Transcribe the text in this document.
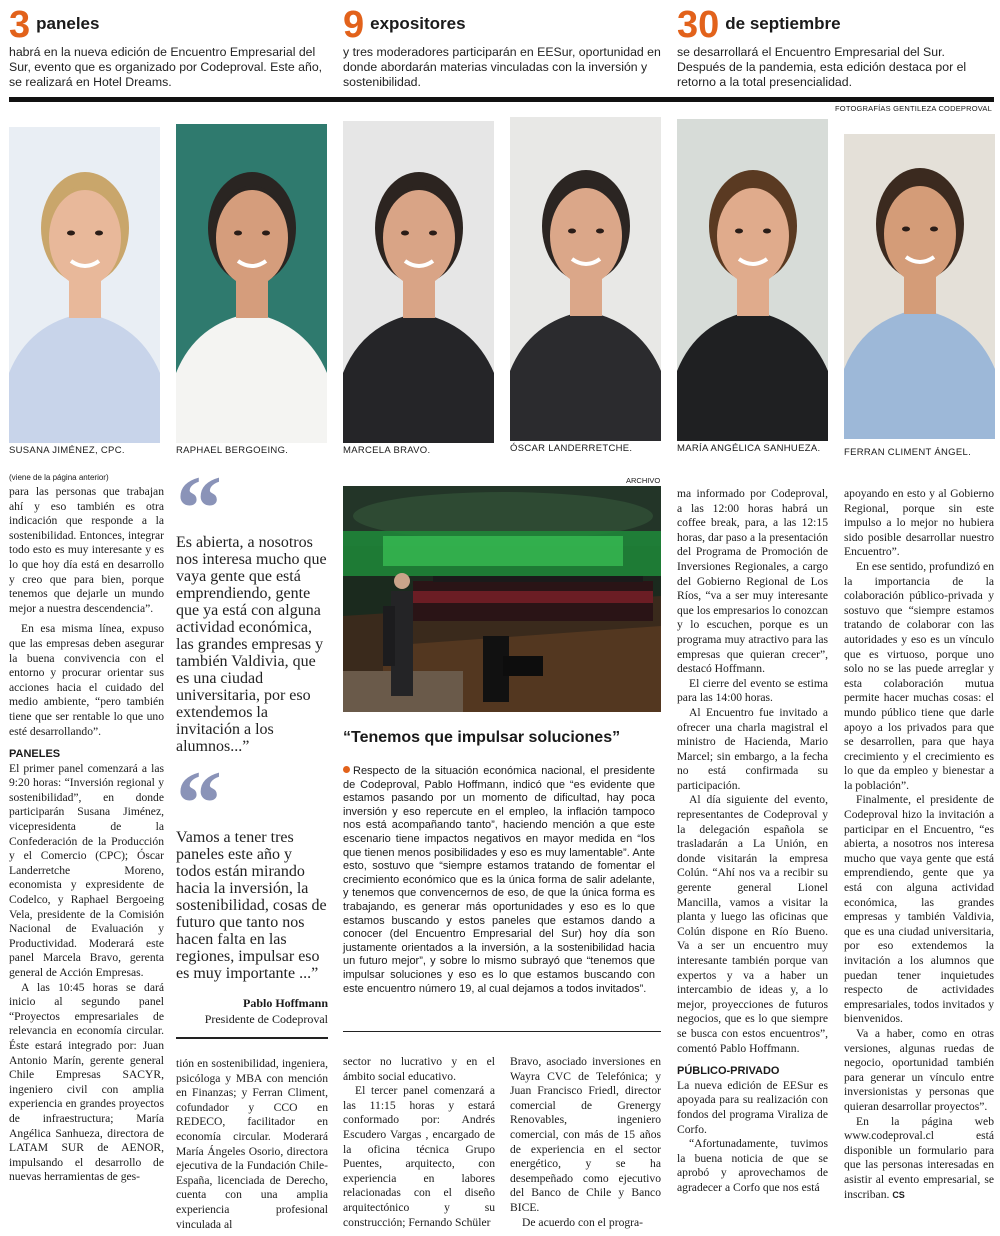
3 paneles
habrá en la nueva edición de Encuentro Empresarial del Sur, evento que es organizado por Codeproval. Este año, se realizará en Hotel Dreams.
9 expositores
y tres moderadores participarán en EESur, oportunidad en donde abordarán materias vinculadas con la inversión y sostenibilidad.
30 de septiembre
se desarrollará el Encuentro Empresarial del Sur. Después de la pandemia, esta edición destaca por el retorno a la total presencialidad.
FOTOGRAFÍAS GENTILEZA CODEPROVAL
SUSANA JIMÉNEZ, CPC.	RAPHAEL BERGOEING.	MARCELA BRAVO.	ÓSCAR LANDERRETCHE.	MARÍA ANGÉLICA SANHUEZA. FERRAN CLIMENT ÁNGEL.
(viene de la página anterior)

para las personas que trabajan ahí y eso también es otra indicación que responde a la sostenibilidad. Entonces, integrar todo esto es muy interesante y es lo que hoy día está en desarrollo y creo que para bien, porque tenemos que dejarle un mundo mejor a nuestra descendencia”.

En esa misma línea, expuso que las empresas deben asegurar la buena convivencia con el entorno y procurar orientar sus acciones hacia el cuidado del medio ambiente, “pero también tiene que ser rentable lo que uno esté desarrollando”.

PANELES

El primer panel comenzará a las 9:20 horas: “Inversión regional y sostenibilidad”, en donde participarán Susana Jiménez, vicepresidenta de la Confederación de la Producción y el Comercio (CPC); Óscar Landerretche Moreno, economista y expresidente de Codelco, y Raphael Bergoeing Vela, presidente de la Comisión Nacional de Evaluación y Productividad. Moderará este panel Marcela Bravo, gerenta general de Acción Empresas.

A las 10:45 horas se dará inicio al segundo panel “Proyectos empresariales de relevancia en economía circular. Éste estará integrado por: Juan Antonio Marín, gerente general Chile Empresas SACYR, ingeniero civil con amplia experiencia en grandes proyectos de infraestructura; María Angélica Sanhueza, directora de LATAM SUR de AENOR, impulsando el desarrollo de nuevas herramientas de ges-

“
Es abierta, a nosotros nos interesa mucho que vaya gente que está emprendiendo, gente que ya está con alguna actividad económica, las grandes empresas y también Valdivia, que es una ciudad universitaria, por eso extendemos la invitación a los alumnos...”
“
Vamos a tener tres paneles este año y todos están mirando hacia la inversión, la sostenibilidad, cosas de futuro que tanto nos hacen falta en las regiones, impulsar eso es muy importante ...”
Pablo Hoffmann
Presidente de Codeproval

tión en sostenibilidad, ingeniera, psicóloga y MBA con mención en Finanzas; y Ferran Climent, cofundador y CCO en REDECO, facilitador en economía circular. Moderará María Ángeles Osorio, directora ejecutiva de la Fundación Chile-España, licenciada de Derecho, cuenta con una amplia experiencia profesional vinculada al

ARCHIVO
“Tenemos que impulsar soluciones”
Respecto de la situación económica nacional, el presidente de Codeproval, Pablo Hoffmann, indicó que “es evidente que estamos pasando por un momento de dificultad, hay poca inversión y eso repercute en el empleo, la inflación tampoco nos está acompañando tanto”, haciendo mención a que este escenario tiene impactos negativos en mayor medida en “los que tienen menos posibilidades y eso es muy lamentable”. Ante esto, sostuvo que “siempre estamos tratando de fomentar el crecimiento económico que es la única forma de salir adelante, y tenemos que convencernos de eso, de que la única forma es trabajando, es generar más oportunidades y eso es lo que estamos buscando y estos paneles que estamos dando a conocer (del Encuentro Empresarial del Sur) hoy día son justamente orientados a la inversión, a la sostenibilidad hacia un futuro mejor”, y sobre lo mismo subrayó que “tenemos que impulsar soluciones y eso es lo que estamos buscando con este encuentro número 19, al cual dejamos a todos invitados”.

sector no lucrativo y en el ámbito social educativo.

El tercer panel comenzará a las 11:15 horas y estará conformado por: Andrés Escudero Vargas , encargado de la oficina técnica Grupo Puentes, arquitecto, con experiencia en labores relacionadas con el diseño arquitectónico y su construcción; Fernando Schüler

Bravo, asociado inversiones en Wayra CVC de Telefónica; y Juan Francisco Friedl, director comercial de Grenergy Renovables, ingeniero comercial, con más de 15 años de experiencia en el sector energético, y se ha desempeñado como ejecutivo del Banco de Chile y Banco BICE.

De acuerdo con el progra-

ma informado por Codeproval, a las 12:00 horas habrá un coffee break, para, a las 12:15 horas, dar paso a la presentación del Programa de Promoción de Inversiones Regionales, a cargo del Gobierno Regional de Los Ríos, “va a ser muy interesante que los empresarios lo conozcan y lo escuchen, porque es un programa muy atractivo para las empresas que quieran crecer”, destacó Hoffmann.

El cierre del evento se estima para las 14:00 horas.

Al Encuentro fue invitado a ofrecer una charla magistral el ministro de Hacienda, Mario Marcel; sin embargo, a la fecha no está confirmada su participación.

Al día siguiente del evento, representantes de Codeproval y la delegación española se trasladarán a La Unión, en donde visitarán la empresa Colún. “Ahí nos va a recibir su gerente general Lionel Mancilla, vamos a visitar la planta y luego las oficinas que Colún dispone en Río Bueno. Va a ser un encuentro muy interesante también porque van expertos y va a haber un intercambio de ideas y, a lo mejor, proyecciones de futuros negocios, que es lo que siempre se busca con estos encuentros”, comentó Pablo Hoffmann.

PÚBLICO-PRIVADO

La nueva edición de EESur es apoyada para su realización con fondos del programa Viraliza de Corfo.

“Afortunadamente, tuvimos la buena noticia de que se aprobó y aprovechamos de agradecer a Corfo que nos está

apoyando en esto y al Gobierno Regional, porque sin este impulso a lo mejor no hubiera sido posible desarrollar nuestro Encuentro”.

En ese sentido, profundizó en la importancia de la colaboración público-privada y sostuvo que “siempre estamos tratando de colaborar con las autoridades y eso es un vínculo que es virtuoso, porque uno solo no se las puede arreglar y esta colaboración mutua permite hacer muchas cosas: el mundo público tiene que darle apoyo a los privados para que se desarrollen, para que haya crecimiento y el crecimiento es lo que da empleo y bienestar a la población”.

Finalmente, el presidente de Codeproval hizo la invitación a participar en el Encuentro, “es abierta, a nosotros nos interesa mucho que vaya gente que está emprendiendo, gente que ya está con alguna actividad económica, las grandes empresas y también Valdivia, que es una ciudad universitaria, por eso extendemos la invitación a los alumnos que puedan tener inquietudes respecto de actividades empresariales, todos invitados y bienvenidos.

Va a haber, como en otras versiones, algunas ruedas de negocio, oportunidad también para generar un vínculo entre inversionistas y personas que quieran desarrollar proyectos”.

En la página web www.codeproval.cl está disponible un formulario para que las personas interesadas en asistir al evento empresarial, se inscriban. CS
